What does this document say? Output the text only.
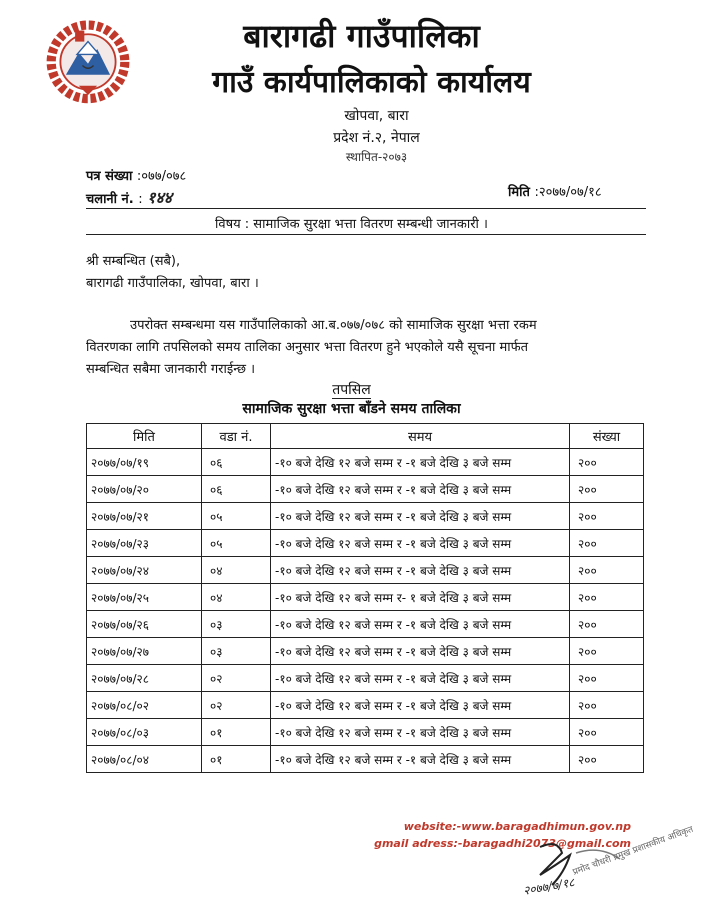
बारागढी गाउँपालिका
गाउँ कार्यपालिकाको कार्यालय
खोपवा, बारा
प्रदेश नं.२, नेपाल
स्थापित-२०७३
पत्र संख्या :०७७/०७८
चलानी नं. : १४४	मिति :२०७७/०७/१८
विषय : सामाजिक सुरक्षा भत्ता वितरण सम्बन्धी जानकारी ।
श्री सम्बन्धित (सबै),
बारागढी गाउँपालिका, खोपवा, बारा ।
उपरोक्त सम्बन्धमा यस गाउँपालिकाको आ.ब.०७७/०७८ को सामाजिक सुरक्षा भत्ता रकम
वितरणका लागि तपसिलको समय तालिका अनुसार भत्ता वितरण हुने भएकोले यसै सूचना मार्फत
सम्बन्धित सबैमा जानकारी गराईन्छ ।
तपसिल
सामाजिक सुरक्षा भत्ता बाँडने समय तालिका
मिति	वडा नं.	समय	संख्या
२०७७/०७/१९	०६	-१० बजे देखि १२ बजे सम्म र -१ बजे देखि ३ बजे सम्म	२००
२०७७/०७/२०	०६	-१० बजे देखि १२ बजे सम्म र -१ बजे देखि ३ बजे सम्म	२००
२०७७/०७/२१	०५	-१० बजे देखि १२ बजे सम्म र -१ बजे देखि ३ बजे सम्म	२००
२०७७/०७/२३	०५	-१० बजे देखि १२ बजे सम्म र -१ बजे देखि ३ बजे सम्म	२००
२०७७/०७/२४	०४	-१० बजे देखि १२ बजे सम्म र -१ बजे देखि ३ बजे सम्म	२००
२०७७/०७/२५	०४	-१० बजे देखि १२ बजे सम्म र- १ बजे देखि ३ बजे सम्म	२००
२०७७/०७/२६	०३	-१० बजे देखि १२ बजे सम्म र -१ बजे देखि ३ बजे सम्म	२००
२०७७/०७/२७	०३	-१० बजे देखि १२ बजे सम्म र -१ बजे देखि ३ बजे सम्म	२००
२०७७/०७/२८	०२	-१० बजे देखि १२ बजे सम्म र -१ बजे देखि ३ बजे सम्म	२००
२०७७/०८/०२	०२	-१० बजे देखि १२ बजे सम्म र -१ बजे देखि ३ बजे सम्म	२००
२०७७/०८/०३	०१	-१० बजे देखि १२ बजे सम्म र -१ बजे देखि ३ बजे सम्म	२००
२०७७/०८/०४	०१	-१० बजे देखि १२ बजे सम्म र -१ बजे देखि ३ बजे सम्म	२००
website:-www.baragadhimun.gov.np
gmail adress:-baragadhi2073@gmail.com
२०७७/७/१८
प्रमोद चौधरी प्रमुख प्रशासकीय अधिकृत
